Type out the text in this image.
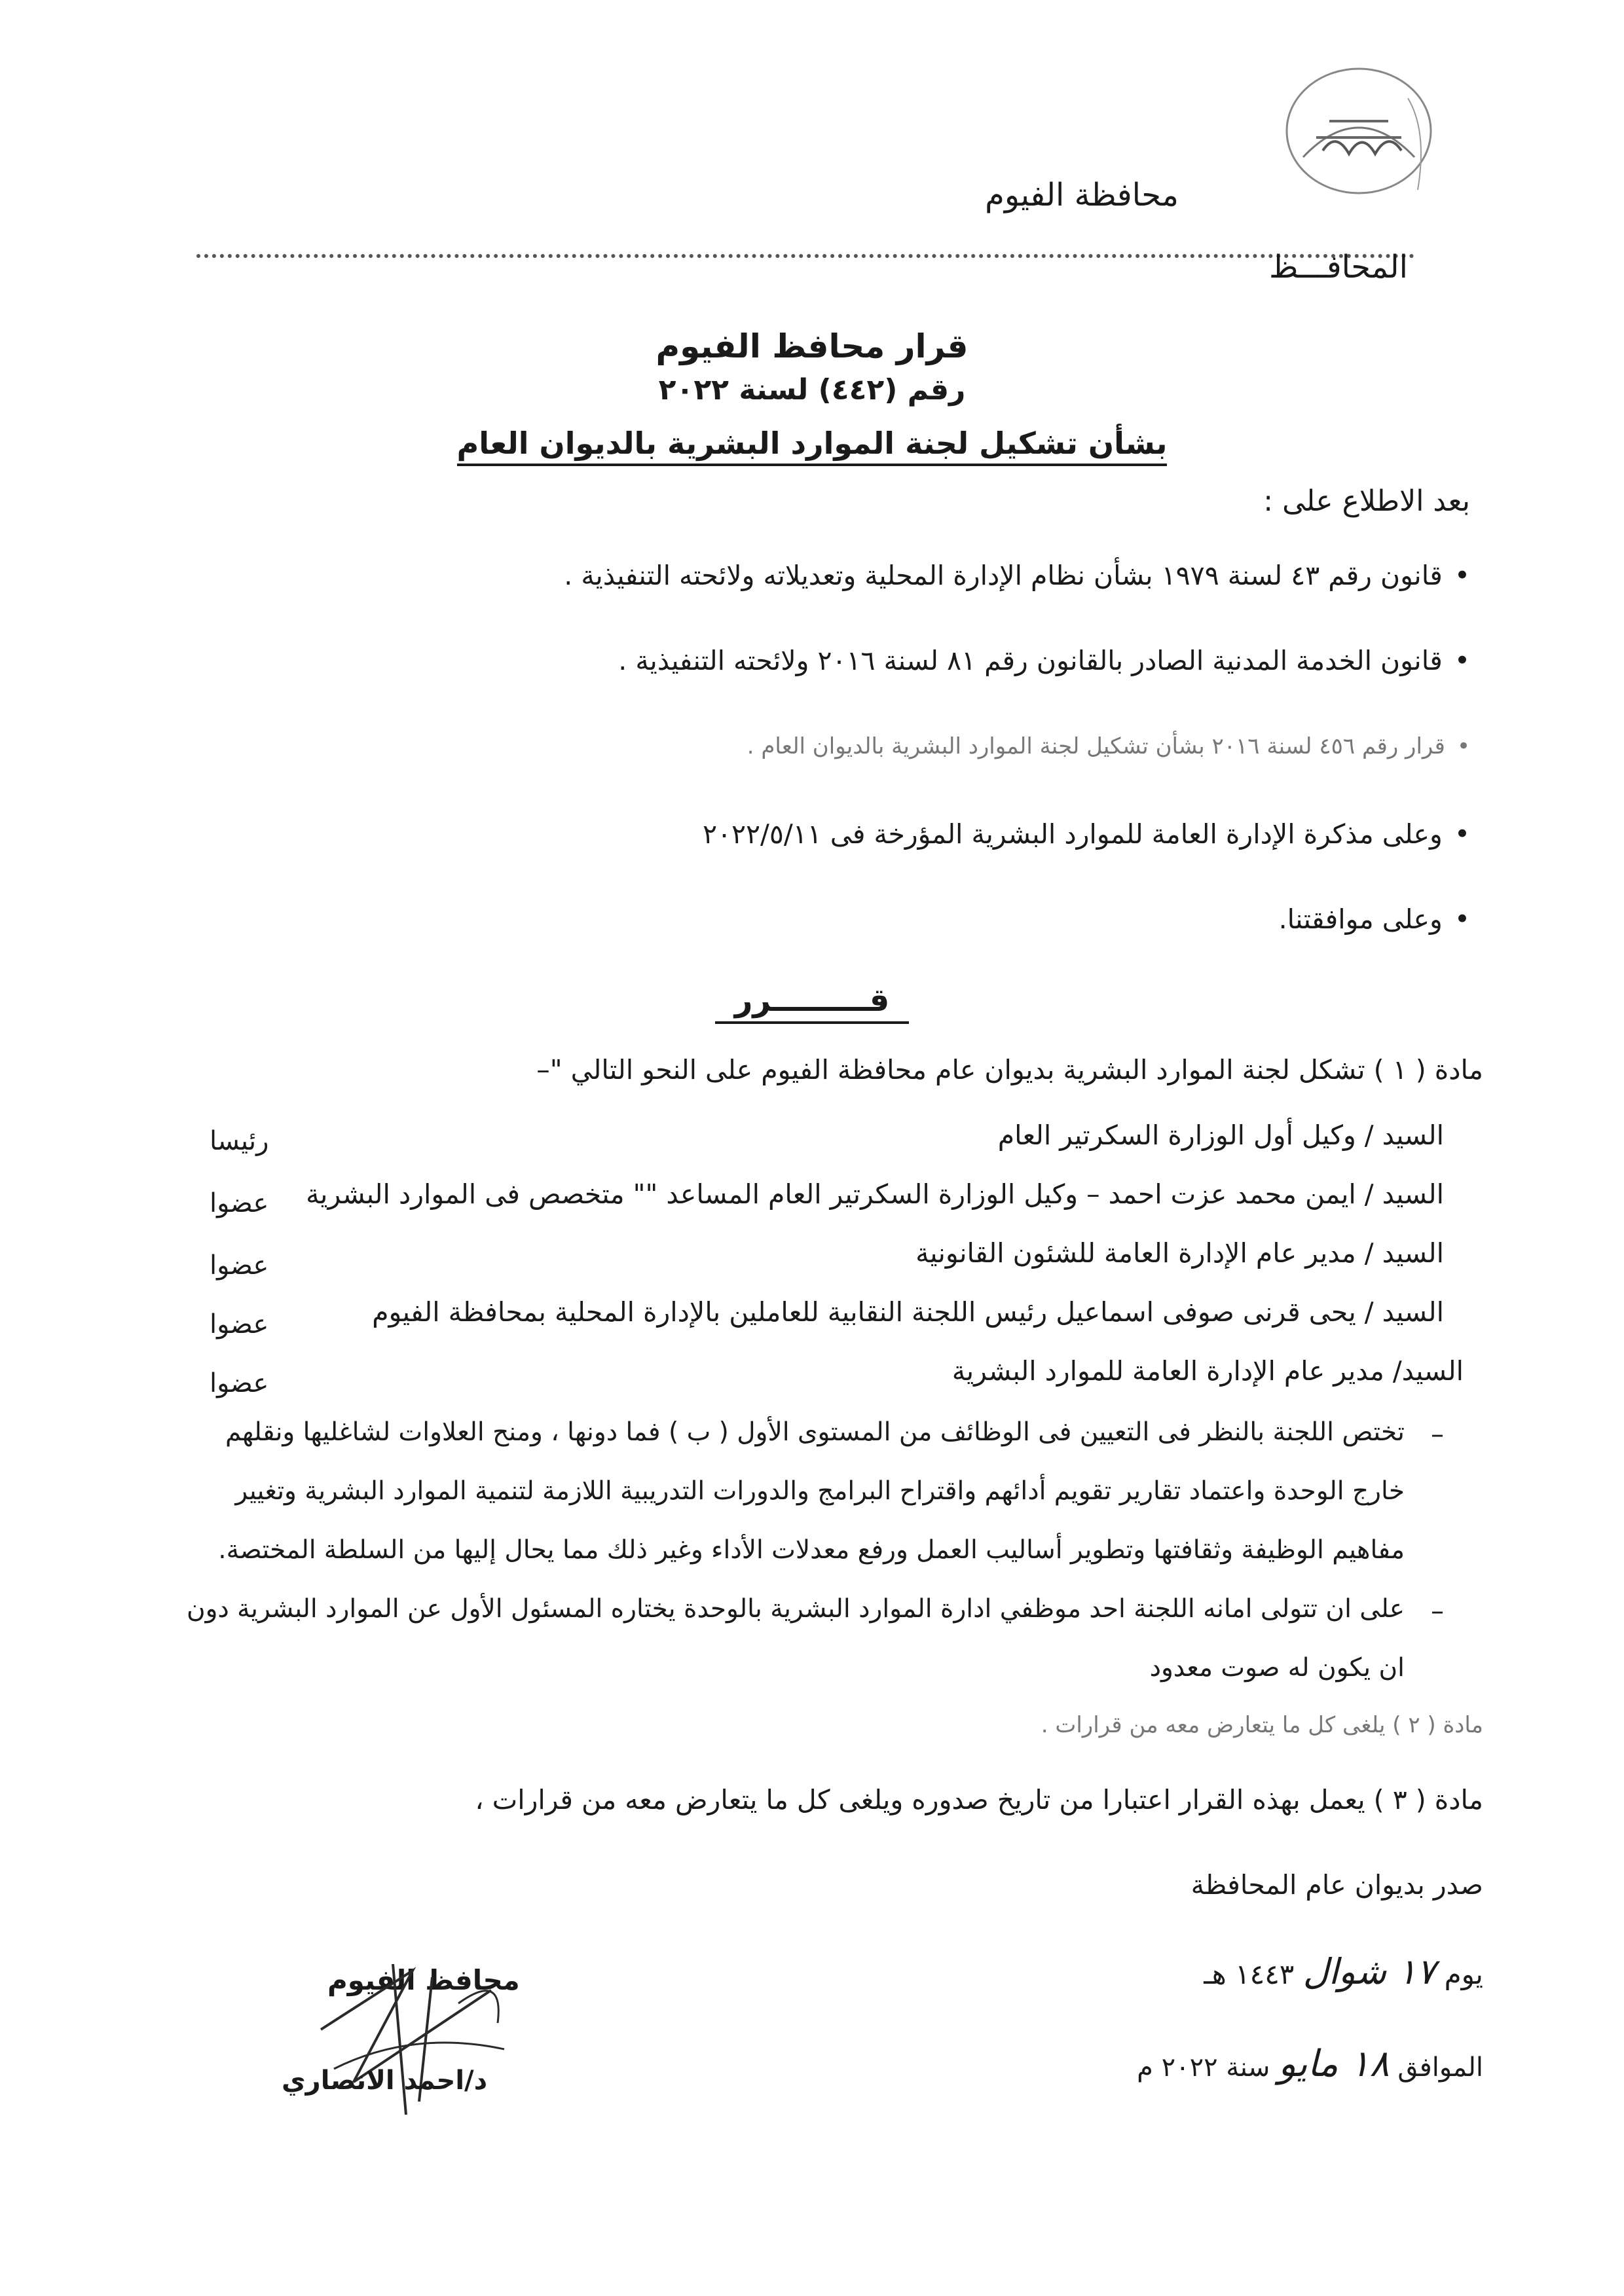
محافظة الفيوم
المحافـــظ
قرار محافظ الفيوم
رقم (٤٤٢) لسنة ٢٠٢٢
بشأن تشكيل لجنة الموارد البشرية بالديوان العام
بعد الاطلاع على :
• قانون رقم ٤٣ لسنة ١٩٧٩ بشأن نظام الإدارة المحلية وتعديلاته ولائحته التنفيذية .
• قانون الخدمة المدنية الصادر بالقانون رقم ٨١ لسنة ٢٠١٦ ولائحته التنفيذية .
• قرار رقم ٤٥٦ لسنة ٢٠١٦ بشأن تشكيل لجنة الموارد البشرية بالديوان العام .
• وعلى مذكرة الإدارة العامة للموارد البشرية المؤرخة فى ٢٠٢٢/٥/١١
• وعلى موافقتنا.
قـــــــــرر
مادة ( ١ ) تشكل لجنة الموارد البشرية بديوان عام محافظة الفيوم على النحو التالي "–
السيد / وكيل أول الوزارة السكرتير العام
رئيسا
السيد / ايمن محمد عزت احمد – وكيل الوزارة السكرتير العام المساعد "" متخصص فى الموارد البشرية
عضوا
السيد / مدير عام الإدارة العامة للشئون القانونية
عضوا
السيد / يحى قرنى صوفى اسماعيل رئيس اللجنة النقابية للعاملين بالإدارة المحلية بمحافظة الفيوم
عضوا
السيد/ مدير عام الإدارة العامة للموارد البشرية
عضوا
–
تختص اللجنة بالنظر فى التعيين فى الوظائف من المستوى الأول ( ب ) فما دونها ، ومنح العلاوات لشاغليها ونقلهم
خارج الوحدة واعتماد تقارير تقويم أدائهم واقتراح البرامج والدورات التدريبية اللازمة لتنمية الموارد البشرية وتغيير
مفاهيم الوظيفة وثقافتها وتطوير أساليب العمل ورفع معدلات الأداء وغير ذلك مما يحال إليها من السلطة المختصة.
–
على ان تتولى امانه اللجنة احد موظفي ادارة الموارد البشرية بالوحدة يختاره المسئول الأول عن الموارد البشرية دون
ان يكون له صوت معدود
مادة ( ٢ ) يلغى كل ما يتعارض معه من قرارات .
مادة ( ٣ ) يعمل بهذه القرار اعتبارا من تاريخ صدوره ويلغى كل ما يتعارض معه من قرارات ،
صدر بديوان عام المحافظة
يوم ١٧ شوال ١٤٤٣ هـ
الموافق ١٨ مايو سنة ٢٠٢٢ م
محافظ الفيوم
د/احمد الانصاري
